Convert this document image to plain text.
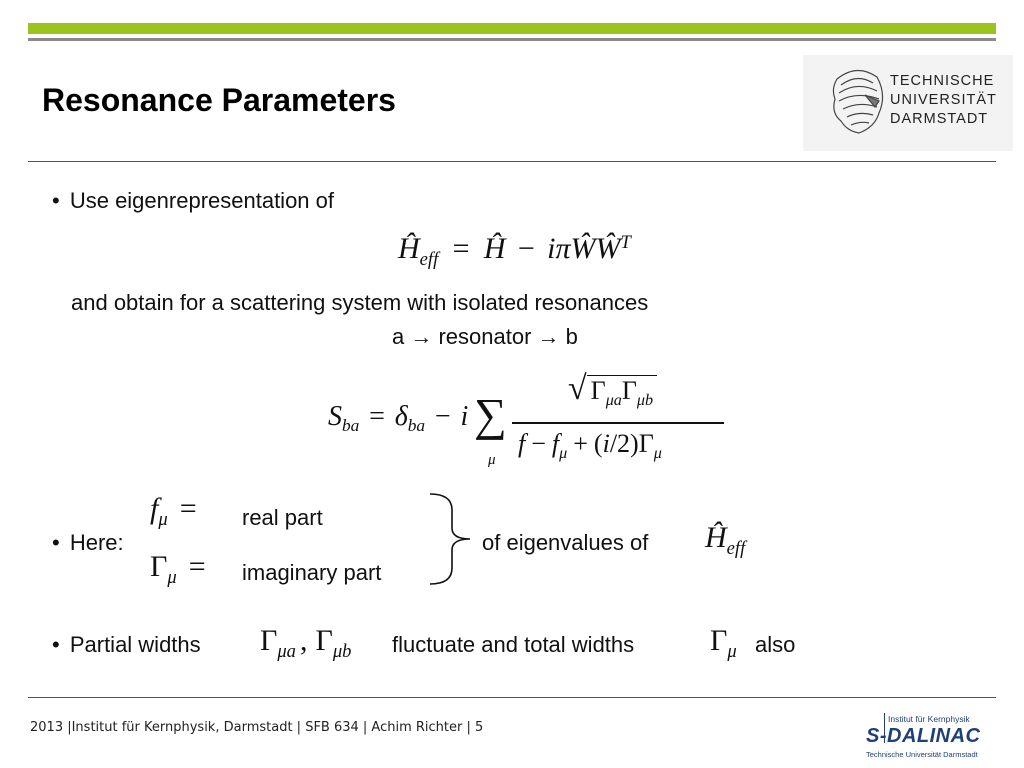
Resonance Parameters
TECHNISCHE
UNIVERSITÄT
DARMSTADT
• Use eigenrepresentation of
$Ĥ_{eff}$ = Ĥ − iπŴŴ$^T$
and obtain for a scattering system with isolated resonances
a → resonator → b
$S_{ba} = \delta_{ba} - i$ ∑
μ
√ $\Gamma_{\mu a}\Gamma_{\mu b}$
$f - f_\mu + (i/2)\Gamma_\mu$
$f_\mu$ = real part
• Here:
$\Gamma_\mu$ = imaginary part
of eigenvalues of $Ĥ_{eff}$
• Partial widths $\Gamma_{\mu a}$ , $\Gamma_{\mu b}$ fluctuate and total widths	$\Gamma_\mu$ also
2013 |Institut für Kernphysik, Darmstadt | SFB 634 | Achim Richter | 5
Institut für Kernphysik
S-DALINAC
Technische Universität Darmstadt
